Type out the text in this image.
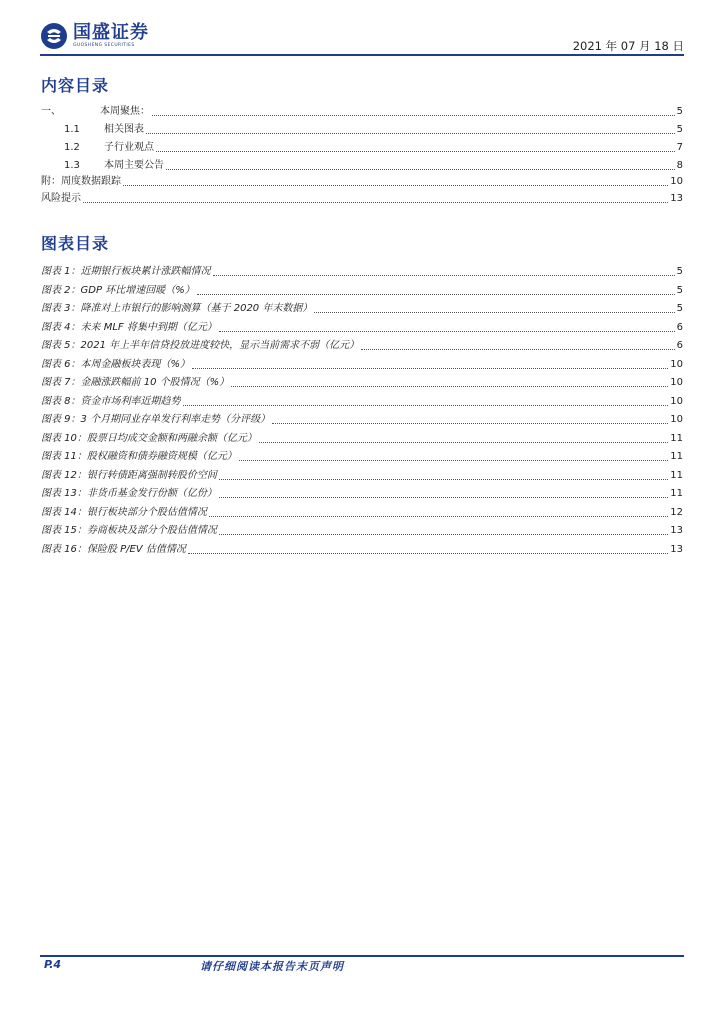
国盛证券
GUOSHENG SECURITIES	2021 年 07 月 18 日
内容目录
一、	本周聚焦：	5
1.1	相关图表	5
1.2	子行业观点	7
1.3	本周主要公告	8
附：周度数据跟踪	10
风险提示	13
图表目录
图表 1：近期银行板块累计涨跌幅情况	5
图表 2：GDP 环比增速回暖（%）	5
图表 3：降准对上市银行的影响测算（基于 2020 年末数据）	5
图表 4：未来 MLF 将集中到期（亿元）	6
图表 5：2021 年上半年信贷投放进度较快，显示当前需求不弱（亿元）	6
图表 6：本周金融板块表现（%）	10
图表 7：金融涨跌幅前 10 个股情况（%）	10
图表 8：资金市场利率近期趋势	10
图表 9：3 个月期同业存单发行利率走势（分评级）	10
图表 10：股票日均成交金额和两融余额（亿元）	11
图表 11：股权融资和债券融资规模（亿元）	11
图表 12：银行转债距离强制转股价空间	11
图表 13：非货币基金发行份额（亿份）	11
图表 14：银行板块部分个股估值情况	12
图表 15：券商板块及部分个股估值情况	13
图表 16：保险股 P/EV 估值情况	13
P.4	请仔细阅读本报告末页声明
